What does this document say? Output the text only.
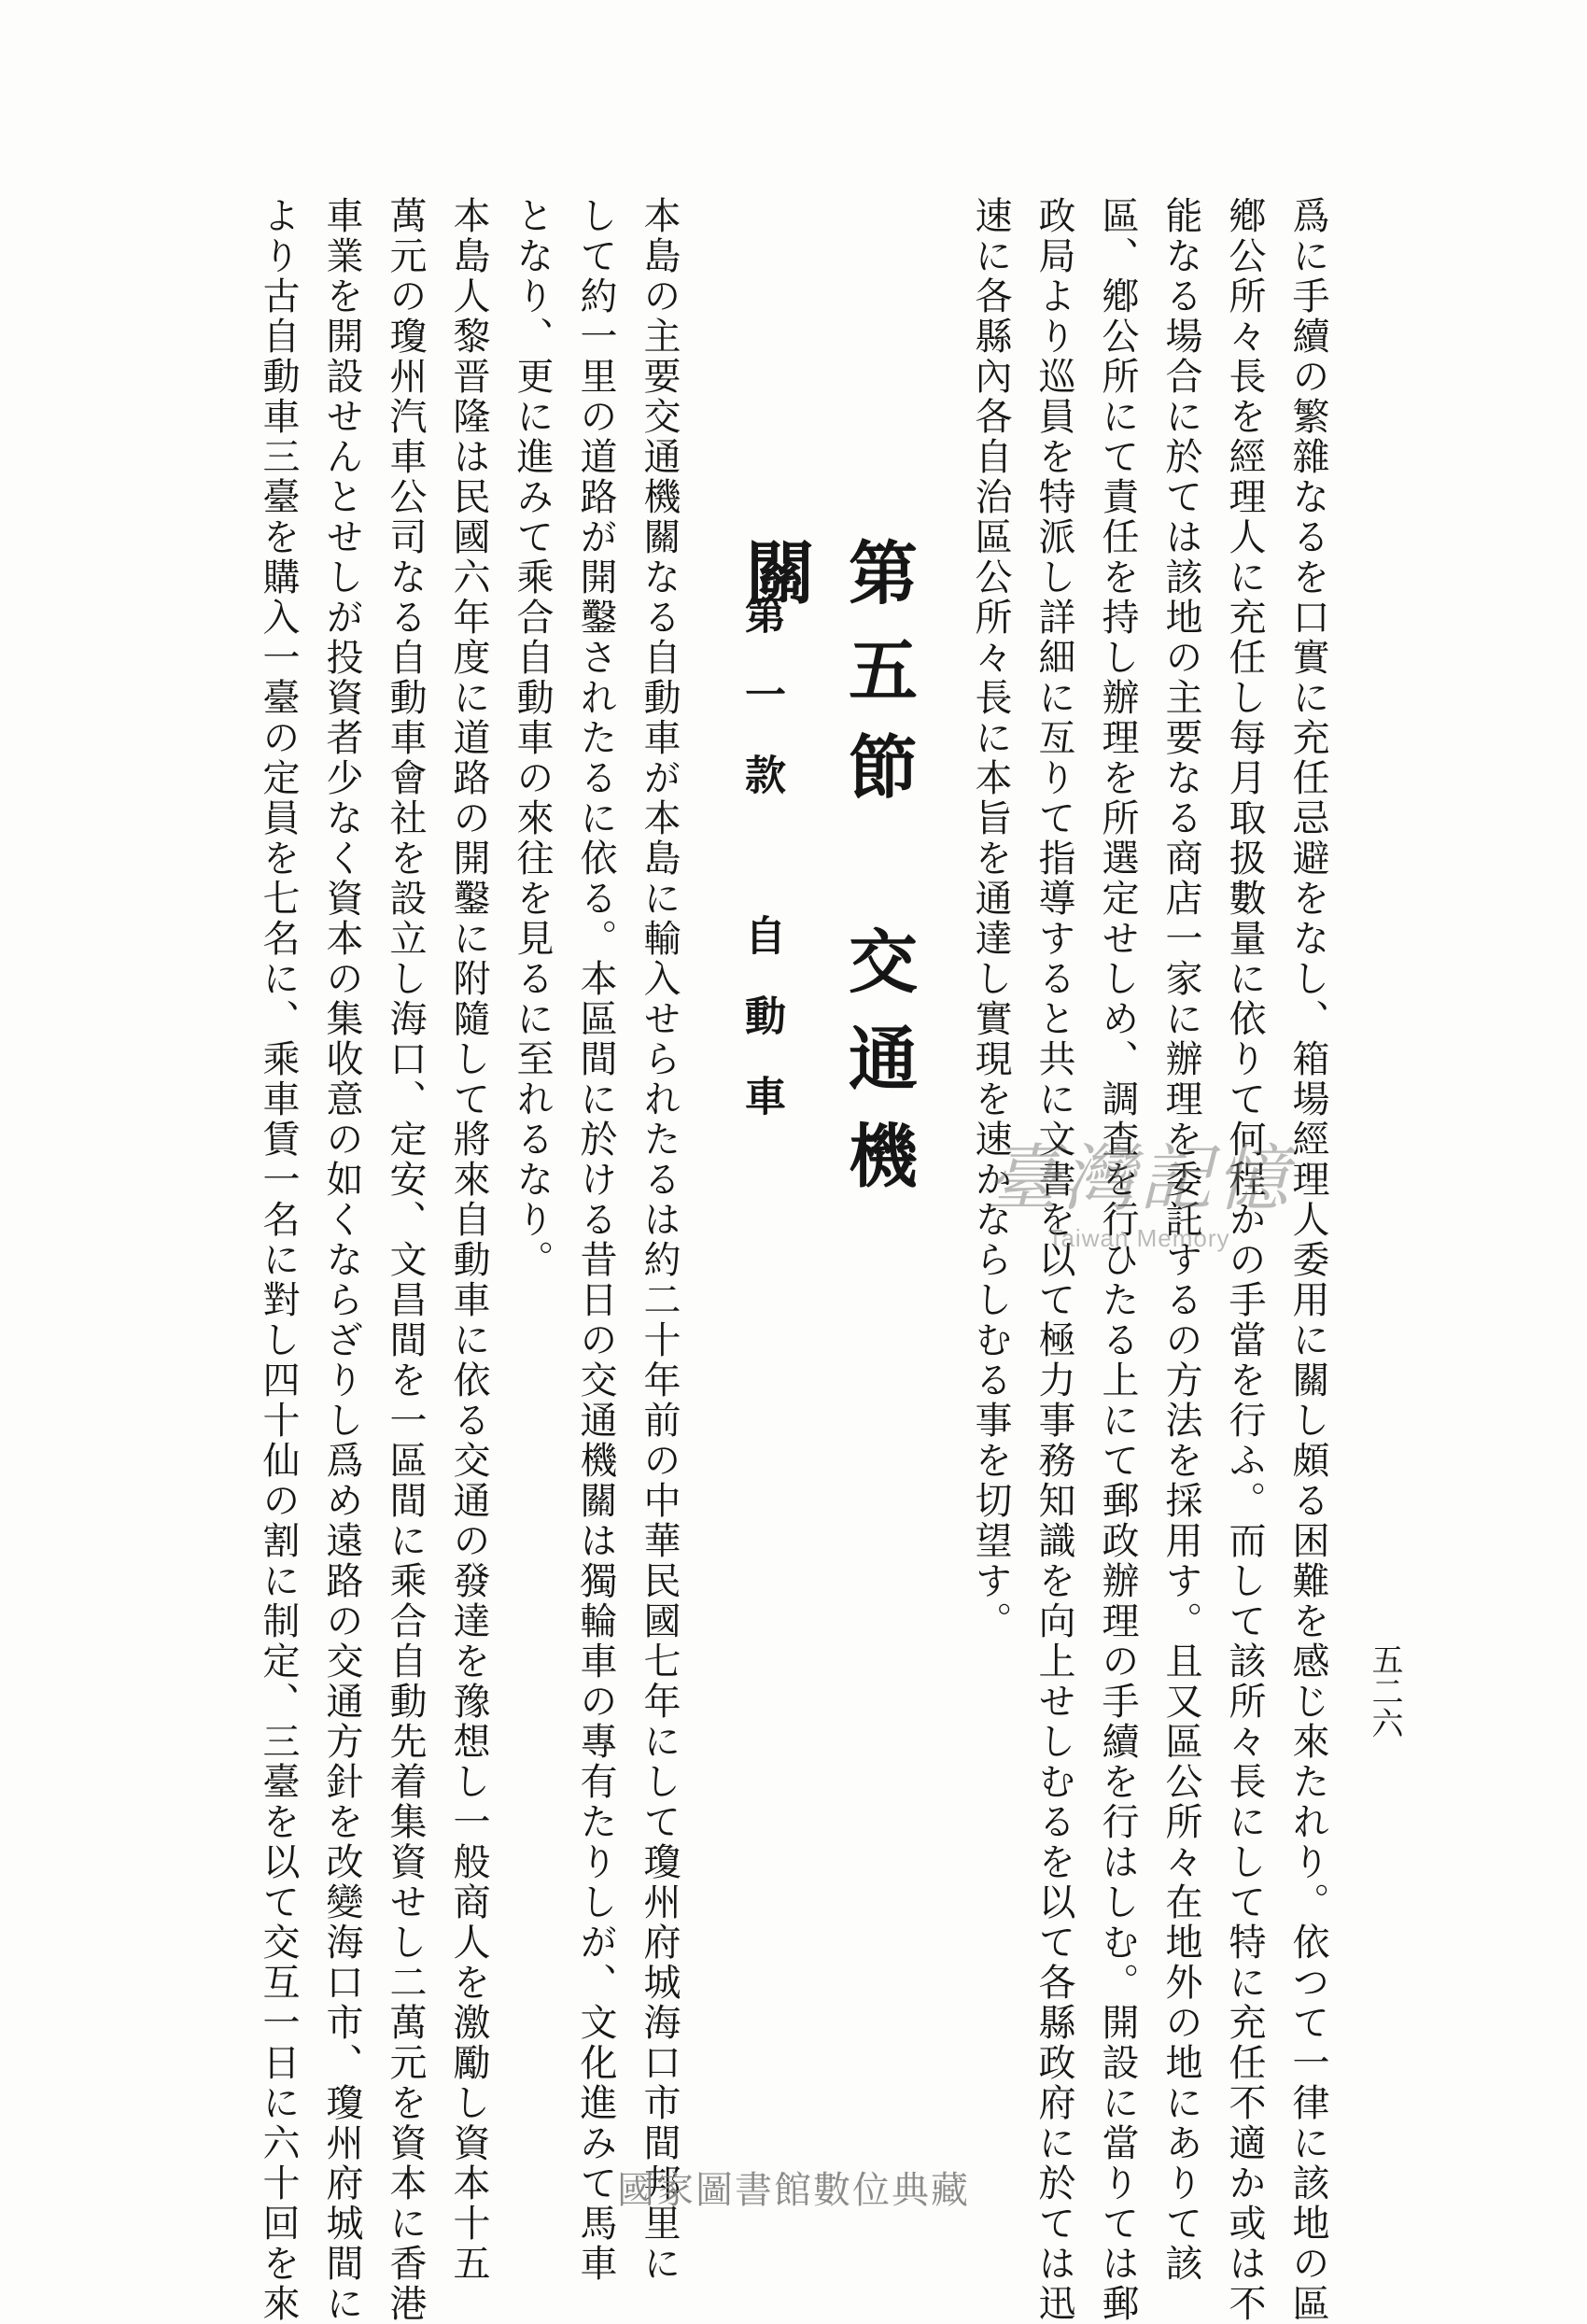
五二六
爲に手續の繁雜なるを口實に充任忌避をなし、箱場經理人委用に關し頗る困難を感じ來たれり。依つて一律に該地の區
鄕公所々長を經理人に充任し每月取扱數量に依りて何程かの手當を行ふ。而して該所々長にして特に充任不適か或は不
能なる場合に於ては該地の主要なる商店一家に辦理を委託するの方法を採用す。且又區公所々在地外の地にありて該
區、鄕公所にて責任を持し辦理を所選定せしめ、調査を行ひたる上にて郵政辦理の手續を行はしむ。開設に當りては郵
政局より巡員を特派し詳細に亙りて指導すると共に文書を以て極力事務知識を向上せしむるを以て各縣政府に於ては迅
速に各縣內各自治區公所々長に本旨を通達し實現を速かならしむる事を切望す。
第五節　交通機關
第一款　自動車
本島の主要交通機關なる自動車が本島に輸入せられたるは約二十年前の中華民國七年にして瓊州府城海口市間邦里に
して約一里の道路が開鑿されたるに依る。本區間に於ける昔日の交通機關は獨輪車の專有たりしが、文化進みて馬車
となり、更に進みて乘合自動車の來往を見るに至れるなり。
本島人黎晋隆は民國六年度に道路の開鑿に附隨して將來自動車に依る交通の發達を豫想し一般商人を激勵し資本十五
萬元の瓊州汽車公司なる自動車會社を設立し海口、定安、文昌間を一區間に乘合自動先着集資せし二萬元を資本に香港
車業を開設せんとせしが投資者少なく資本の集收意の如くならざりし爲め遠路の交通方針を改變海口市、瓊州府城間に
より古自動車三臺を購入一臺の定員を七名に、乘車賃一名に對し四十仙の割に制定、三臺を以て交互一日に六十回を來	臺灣記憶
Taiwan Memory
國家圖書館數位典藏
